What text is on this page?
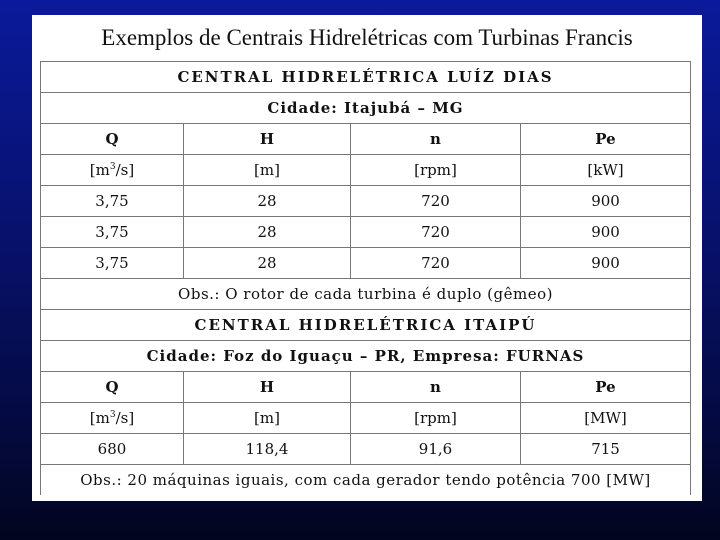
Exemplos de Centrais Hidrelétricas com Turbinas Francis
CENTRAL HIDRELÉTRICA LUÍZ DIAS			
Cidade: Itajubá – MG			
Q	H	n	Pe
$[m^3/s]$	[m]	[rpm]	[kW]
3,75	28	720	900
3,75	28	720	900
3,75	28	720	900
Obs.: O rotor de cada turbina é duplo (gêmeo)			
CENTRAL HIDRELÉTRICA ITAIPÚ			
Cidade: Foz do Iguaçu – PR, Empresa: FURNAS			
Q	H	n	Pe
$[m^3/s]$	[m]	[rpm]	[MW]
680	118,4	91,6	715
Obs.: 20 máquinas iguais, com cada gerador tendo potência 700 [MW]			
